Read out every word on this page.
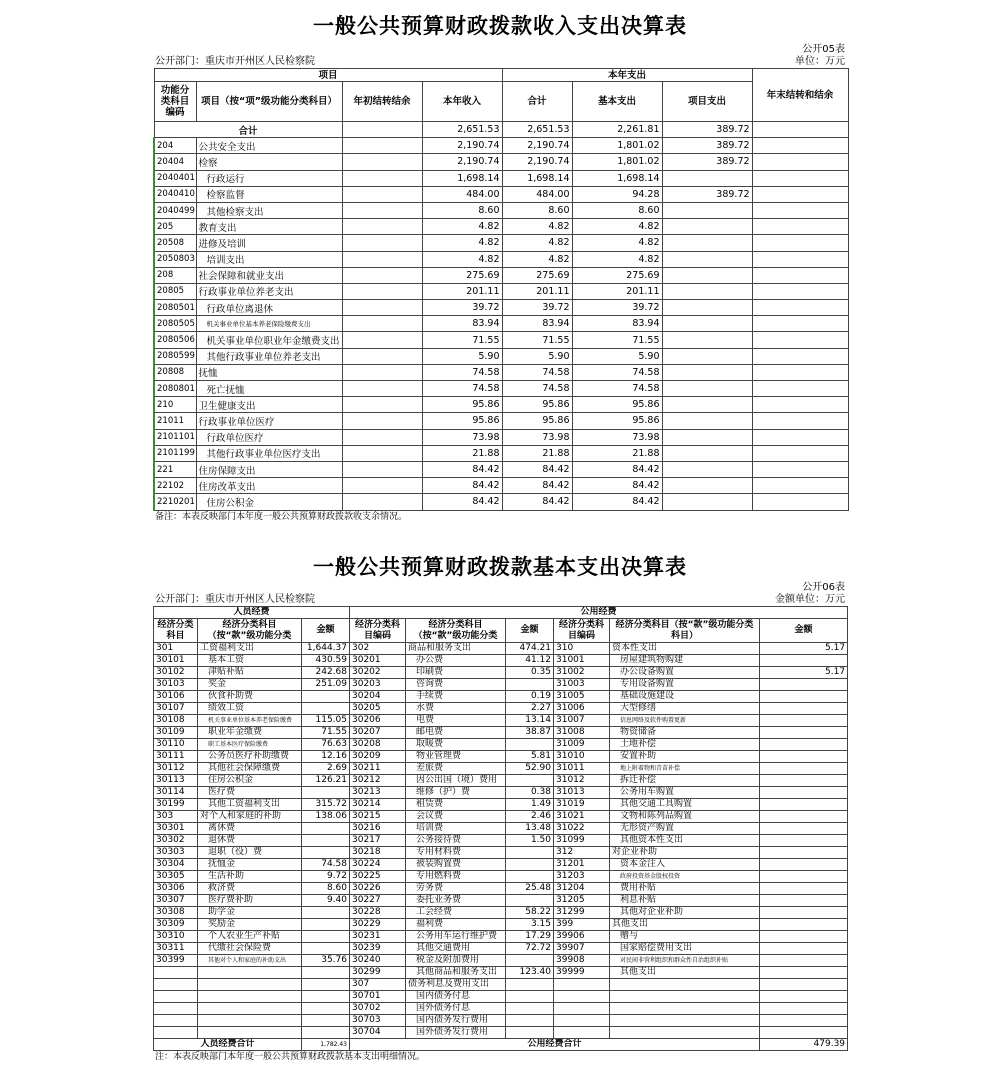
一般公共预算财政拨款收入支出决算表
公开05表
公开部门：重庆市开州区人民检察院	单位：万元
项目				本年支出			年末结转和结余
功能分类科目编码	项目（按“项”级功能分类科目）	年初结转结余	本年收入	合计	基本支出	项目支出	
合计			2,651.53	2,651.53	2,261.81	389.72	
204	公共安全支出		2,190.74	2,190.74	1,801.02	389.72	
20404	检察		2,190.74	2,190.74	1,801.02	389.72	
2040401	行政运行		1,698.14	1,698.14	1,698.14		
2040410	检察监督		484.00	484.00	94.28	389.72	
2040499	其他检察支出		8.60	8.60	8.60		
205	教育支出		4.82	4.82	4.82		
20508	进修及培训		4.82	4.82	4.82		
2050803	培训支出		4.82	4.82	4.82		
208	社会保障和就业支出		275.69	275.69	275.69		
20805	行政事业单位养老支出		201.11	201.11	201.11		
2080501	行政单位离退休		39.72	39.72	39.72		
2080505	机关事业单位基本养老保险缴费支出		83.94	83.94	83.94		
2080506	机关事业单位职业年金缴费支出		71.55	71.55	71.55		
2080599	其他行政事业单位养老支出		5.90	5.90	5.90		
20808	抚恤		74.58	74.58	74.58		
2080801	死亡抚恤		74.58	74.58	74.58		
210	卫生健康支出		95.86	95.86	95.86		
21011	行政事业单位医疗		95.86	95.86	95.86		
2101101	行政单位医疗		73.98	73.98	73.98		
2101199	其他行政事业单位医疗支出		21.88	21.88	21.88		
221	住房保障支出		84.42	84.42	84.42		
22102	住房改革支出		84.42	84.42	84.42		
2210201	住房公积金		84.42	84.42	84.42		
备注：本表反映部门本年度一般公共预算财政拨款收支余情况。
一般公共预算财政拨款基本支出决算表
公开06表
公开部门：重庆市开州区人民检察院	金额单位：万元
人员经费			公用经费					
经济分类科目	经济分类科目（按“款”级功能分类	金额	经济分类科目编码	经济分类科目（按“款”级功能分类	金额	经济分类科目编码	经济分类科目（按“款”级功能分类科目）	金额
301	工资福利支出	1,644.37	302	商品和服务支出	474.21	310	资本性支出	5.17
30101	基本工资	430.59	30201	办公费	41.12	31001	房屋建筑物购建	
30102	津贴补贴	242.68	30202	印刷费	0.35	31002	办公设备购置	5.17
30103	奖金	251.09	30203	咨询费		31003	专用设备购置	
30106	伙食补助费		30204	手续费	0.19	31005	基础设施建设	
30107	绩效工资		30205	水费	2.27	31006	大型修缮	
30108	机关事业单位基本养老保险缴费	115.05	30206	电费	13.14	31007	信息网络及软件购置更新	
30109	职业年金缴费	71.55	30207	邮电费	38.87	31008	物资储备	
30110	职工基本医疗保险缴费	76.63	30208	取暖费		31009	土地补偿	
30111	公务员医疗补助缴费	12.16	30209	物业管理费	5.81	31010	安置补助	
30112	其他社会保障缴费	2.69	30211	差旅费	52.90	31011	地上附着物和青苗补偿	
30113	住房公积金	126.21	30212	因公出国（境）费用		31012	拆迁补偿	
30114	医疗费		30213	维修（护）费	0.38	31013	公务用车购置	
30199	其他工资福利支出	315.72	30214	租赁费	1.49	31019	其他交通工具购置	
303	对个人和家庭的补助	138.06	30215	会议费	2.46	31021	文物和陈列品购置	
30301	离休费		30216	培训费	13.48	31022	无形资产购置	
30302	退休费		30217	公务接待费	1.50	31099	其他资本性支出	
30303	退职（役）费		30218	专用材料费		312	对企业补助	
30304	抚恤金	74.58	30224	被装购置费		31201	资本金注入	
30305	生活补助	9.72	30225	专用燃料费		31203	政府投资基金股权投资	
30306	救济费	8.60	30226	劳务费	25.48	31204	费用补贴	
30307	医疗费补助	9.40	30227	委托业务费		31205	利息补贴	
30308	助学金		30228	工会经费	58.22	31299	其他对企业补助	
30309	奖励金		30229	福利费	3.15	399	其他支出	
30310	个人农业生产补贴		30231	公务用车运行维护费	17.29	39906	赠与	
30311	代缴社会保险费		30239	其他交通费用	72.72	39907	国家赔偿费用支出	
30399	其他对个人和家庭的补助支出	35.76	30240	税金及附加费用		39908	对民间非营利组织和群众性自治组织补贴	
			30299	其他商品和服务支出	123.40	39999	其他支出	
			307	债务利息及费用支出				
			30701	国内债务付息				
			30702	国外债务付息				
			30703	国内债务发行费用				
			30704	国外债务发行费用				
人员经费合计		1,782.43	公用经费合计					479.39
注：本表反映部门本年度一般公共预算财政拨款基本支出明细情况。
